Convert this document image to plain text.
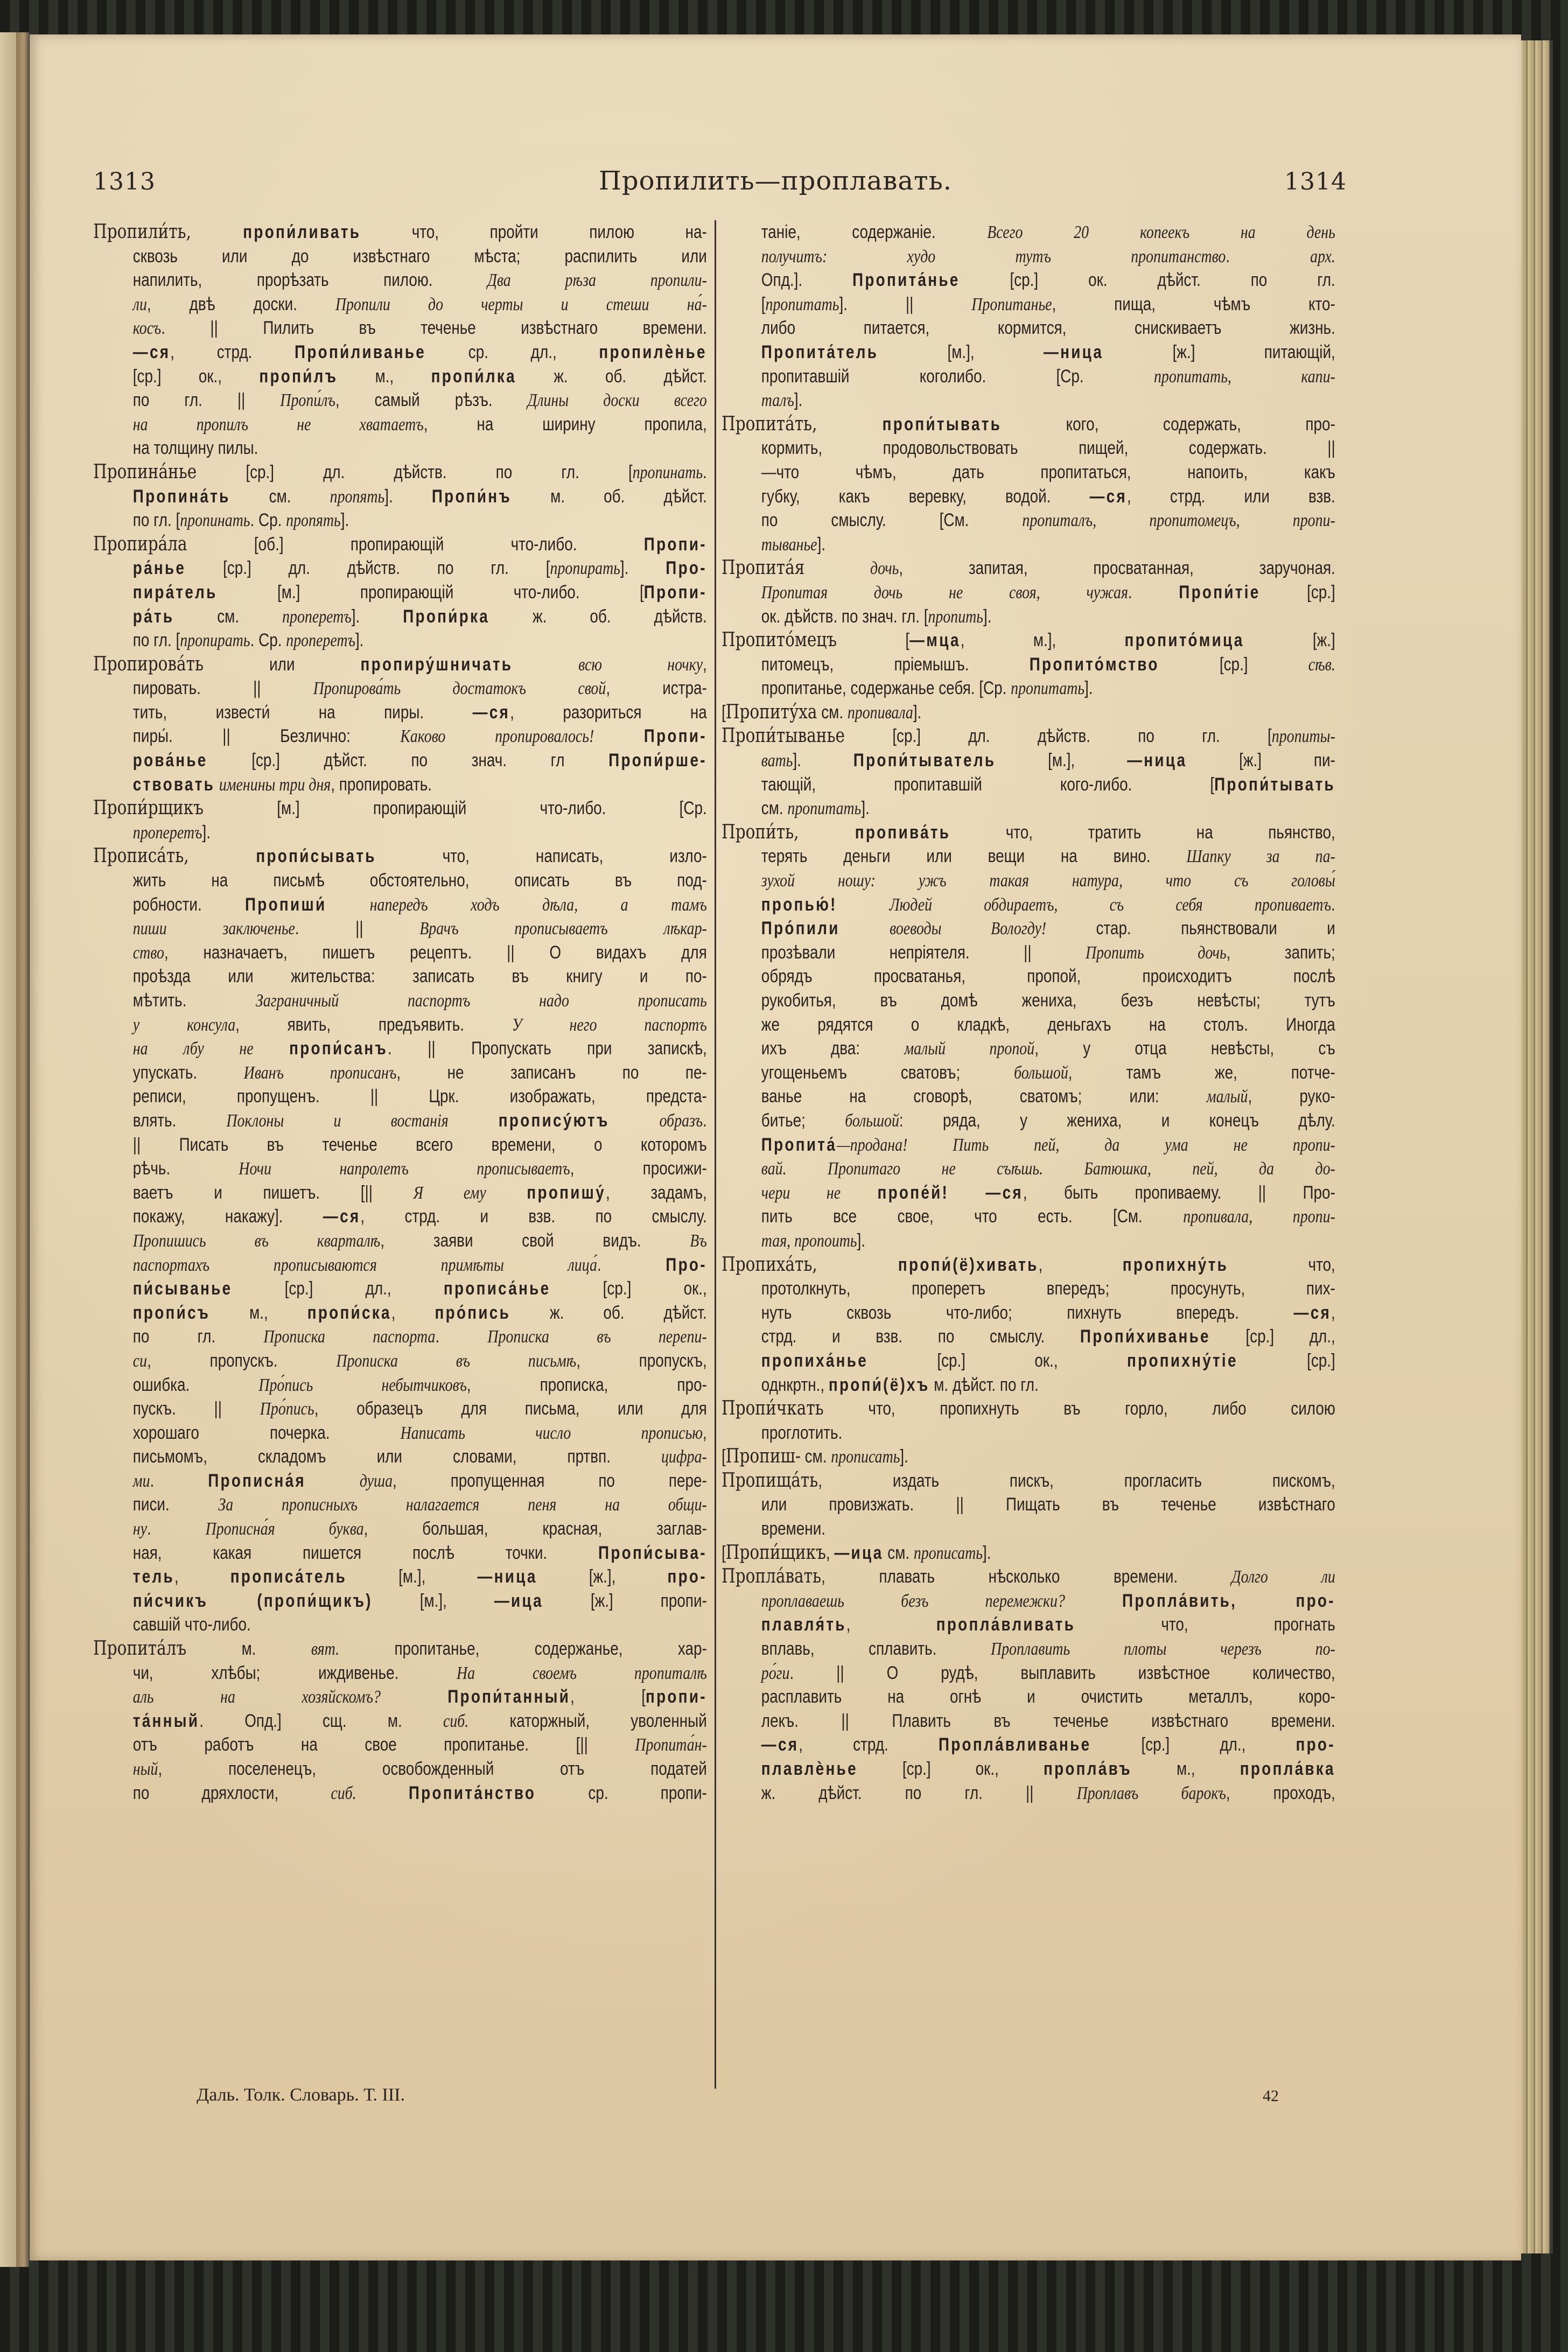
1313	Пропилить—проплавать.	1314
Пропили́ть, пропи́ливать что, пройти пилою на-
сквозь или до извѣстнаго мѣста; распилить или
напилить, прорѣзать пилою. Два рѣза пропили-
ли, двѣ доски. Пропили до черты и стеши на́-
косъ. || Пилить въ теченье извѣстнаго времени.
—ся, стрд. Пропи́ливанье ср. дл., пропилѐнье
[ср.] ок., пропи́лъ м., пропи́лка ж. об. дѣйст.
по гл. || Пропи́лъ, самый рѣзъ. Длины доски всего
на пропилъ не хватаетъ, на ширину пропила,
на толщину пилы.
Пропина́нье [ср.] дл. дѣйств. по гл. [пропинать.
Пропина́ть см. пропять]. Пропи́нъ м. об. дѣйст.
по гл. [пропинать. Ср. пропять].
Пропира́ла [об.] пропирающій что-либо. Пропи-
ра́нье [ср.] дл. дѣйств. по гл. [пропирать]. Про-
пира́тель [м.] пропирающій что-либо. [Пропи-
ра́ть см. проперетъ]. Пропи́рка ж. об. дѣйств.
по гл. [пропирать. Ср. проперетъ].
Пропирова́ть или пропиру́шничать	всю ночку,
пировать. || Пропирова́ть достатокъ свой, истра-
тить, извести́ на пиры. —ся, разориться на
пиры́. || Безлично: Каково пропировалось!	Пропи-
рова́нье [ср.] дѣйст. по знач. гл Пропи́рше-
ствовать именины три дня, пропировать.
Пропи́рщикъ [м.] пропирающій что-либо. [Ср.
проперетъ].
Прописа́ть, пропи́сывать что, написать, изло-
жить на письмѣ обстоятельно, описать въ под-
робности. Пропиши́ напередъ ходъ дѣла, а тамъ
пиши заключенье. || Врачъ прописываетъ лѣкар-
ство, назначаетъ, пишетъ рецептъ. || О видахъ для
проѣзда или жительства: записать въ книгу и по-
мѣтить. Заграничный паспортъ надо прописать
у консула, явить, предъявить. У него паспортъ
на лбу не пропи́санъ. || Пропускать при запискѣ,
упускать. Иванъ прописанъ, не записанъ по пе-
реписи, пропущенъ. || Црк. изображать, предста-
влять. Поклоны и востанія	прописýютъ	образъ.
|| Писать въ теченье всего времени, о которомъ
рѣчь. Ночи напролетъ прописываетъ, просижи-
ваетъ и пишетъ. [|| Я ему пропишу́, задамъ,
покажу, накажу]. —ся, стрд. и взв. по смыслу.
Пропишись въ кварталѣ, заяви свой видъ. Въ
паспортахъ прописываются примѣты лица́. Про-
пи́сыванье [ср.] дл., прописа́нье [ср.] ок.,
пропи́съ м., пропи́ска, про́пись ж. об. дѣйст.
по гл. Прописка паспорта. Прописка въ перепи-
си, пропускъ. Прописка въ письмѣ, пропускъ,
ошибка. Про́пись небытчиковъ, прописка, про-
пускъ. || Про́пись, образецъ для письма, или для
хорошаго почерка. Написать число прописью,
письмомъ, складомъ или словами, пртвп. цифра-
ми. Прописна́я	душа, пропущенная по пере-
писи. За прописныхъ налагается пеня на общи-
ну. Прописна́я буква, большая, красная, заглав-
ная, какая пишется послѣ точки. Пропи́сыва-
тель, прописа́тель [м.], —ница [ж.], про-
пи́счикъ (пропи́щикъ) [м.], —ица [ж.] пропи-
савшій что-либо.
Пропита́лъ м. вят. пропитанье, содержанье, хар-
чи, хлѣбы; иждивенье. На своемъ пропиталѣ
аль на хозяйскомъ?	Пропи́танный, [пропи-
та́нный. Опд.] сщ. м. сиб. каторжный, уволенный
отъ работъ на свое пропитанье. [|| Пропита́н-
ный, поселенецъ, освобожденный отъ податей
по дряхлости, сиб.	Пропита́нство ср. пропи-
таніе, содержаніе. Всего 20 копеекъ на день
получитъ: худо тутъ пропитанство. арх.
Опд.]. Пропита́нье [ср.] ок. дѣйст. по гл.
[пропитать]. || Пропитанье, пища, чѣмъ кто-
либо питается, кормится, снискиваетъ жизнь.
Пропита́тель [м.], —ница [ж.] питающій,
пропитавшій коголибо. [Ср. пропитать, капи-
талъ].
Пропита́ть, пропи́тывать кого, содержать, про-
кормить, продовольствовать пищей, содержать. ||
—что чѣмъ, дать пропитаться, напоить, какъ
губку, какъ веревку, водой. —ся, стрд. или взв.
по смыслу. [См. пропиталъ, пропитомецъ, пропи-
тыванье].
Пропита́я	дочь, запитая, просватанная, заручоная.
Пропитая дочь не своя, чужая. Пропи́тіе [ср.]
ок. дѣйств. по знач. гл. [пропить].
Пропито́мецъ [—мца, м.], пропито́мица [ж.]
питомецъ, пріемышъ. Пропито́мство [ср.] сѣв.
пропитанье, содержанье себя. [Ср. пропитать].
[Пропиту́ха см. пропивала].
Пропи́тыванье [ср.] дл. дѣйств. по гл. [пропиты-
вать]. Пропи́тыватель [м.], —ница [ж.] пи-
тающій, пропитавшій кого-либо. [Пропи́тывать
см. пропитать].
Пропи́ть, пропива́ть что, тратить на пьянство,
терять деньги или вещи на вино. Шапку за па-
зухой ношу: ужъ такая натура, что съ головы́
пропью́!	Людей обдираетъ, съ себя пропиваетъ.
Про́пили	воеводы Вологду! стар. пьянствовали и
прозѣвали непріятеля. || Пропить дочь, запить;
обрядъ просватанья, пропой, происходитъ послѣ
рукобитья, въ домѣ жениха, безъ невѣсты; тутъ
же рядятся о кладкѣ, деньгахъ на столъ. Иногда
ихъ два: малый пропой, у отца невѣсты, съ
угощеньемъ сватовъ; большой, тамъ же, потче-
ванье на сговорѣ, сватомъ; или: малый, руко-
битье; большой: ряда, у жениха, и конецъ дѣлу.
Пропита́—продана! Пить пей, да ума не пропи-
вай. Пропитаго не съѣшь. Батюшка, пей, да до-
чери не пропе́й! —ся, быть пропиваему. || Про-
пить все свое, что есть. [См. пропивала, пропи-
тая, пропоить].
Пропиха́ть, пропи́(ё)хивать, пропихну́ть что,
протолкнуть, проперетъ впередъ; просунуть, пих-
нуть сквозь что-либо; пихнуть впередъ. —ся,
стрд. и взв. по смыслу. Пропи́хиванье [ср.] дл.,
пропиха́нье [ср.] ок., пропихну́тіе [ср.]
однкртн., пропи́(ё)хъ м. дѣйст. по гл.
Пропи́чкать что, пропихнуть въ горло, либо силою
проглотить.
[Пропиш- см. прописать].
Пропища́ть, издать пискъ, проглаcить пискомъ,
или провизжать. || Пищать въ теченье извѣстнаго
времени.
[Пропи́щикъ, —ица см. прописать].
Пропла́вать, плавать нѣсколько времени. Долго ли
проплаваешь безъ перемежки?	Пропла́вить, про-
плавля́ть, пропла́вливать что, прогнать
вплавь, сплавить. Проплавить плоты черезъ по-
ро́ги. || О рудѣ, выплавить извѣстное количество,
расплавить на огнѣ и очистить металлъ, коро-
лекъ. || Плавить въ теченье извѣстнаго времени.
—ся, стрд. Пропла́вливанье [ср.] дл., про-
плавлѐнье [ср.] ок., пропла́въ м., пропла́вка
ж. дѣйст. по гл. || Проплавъ барокъ, проходъ,
Даль. Толк. Словарь. Т. III.	42
